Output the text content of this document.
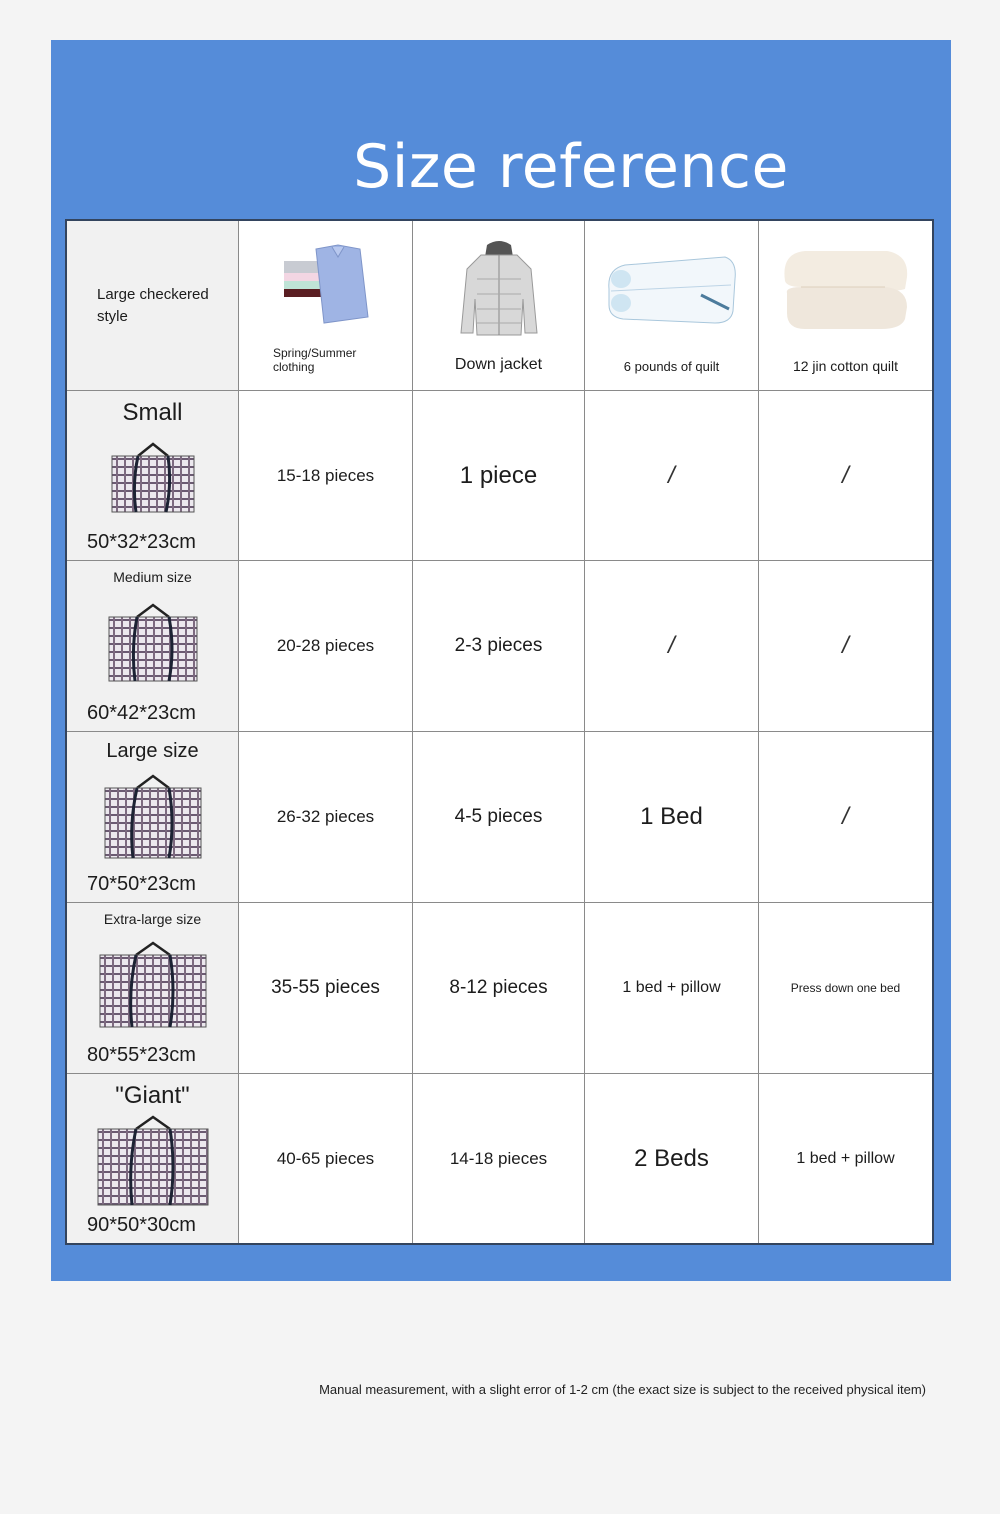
Size reference
Large checkered style
Spring/Summer clothing	Down jacket	6 pounds of quilt	12 jin cotton quilt
Small
50*32*23cm
15-18 pieces	1 piece	/	/
Medium size
60*42*23cm
20-28 pieces	2-3 pieces	/	/
Large size
70*50*23cm
26-32 pieces	4-5 pieces	1 Bed	/
Extra-large size
80*55*23cm
35-55 pieces	8-12 pieces	1 bed + pillow	Press down one bed
"Giant"
90*50*30cm
40-65 pieces	14-18 pieces	2 Beds	1 bed + pillow
Manual measurement, with a slight error of 1-2 cm (the exact size is subject to the received physical item)
